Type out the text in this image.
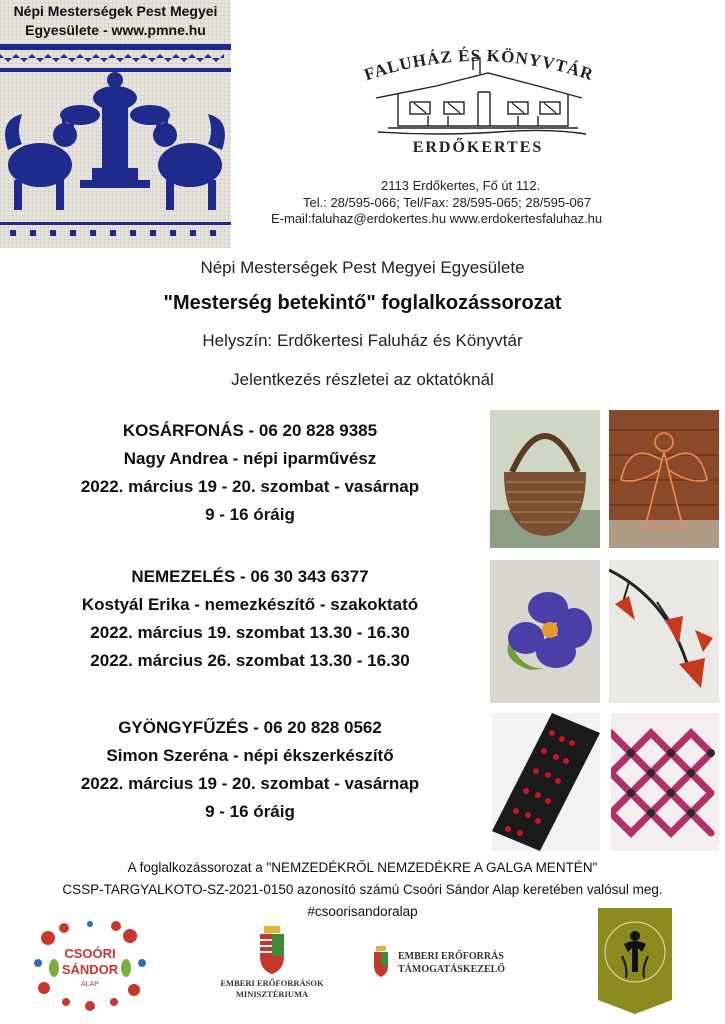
Népi Mesterségek Pest Megyei
Egyesülete - www.pmne.hu
FALUHÁZ ÉS KÖNYVTÁR
ERDŐKERTES
2113 Erdőkertes, Fő út 112.
Tel.: 28/595-066; Tel/Fax: 28/595-065; 28/595-067
E-mail:faluhaz@erdokertes.hu www.erdokertesfaluhaz.hu
Népi Mesterségek Pest Megyei Egyesülete
"Mesterség betekintő" foglalkozássorozat
Helyszín: Erdőkertesi Faluház és Könyvtár
Jelentkezés részletei az oktatóknál
KOSÁRFONÁS - 06 20 828 9385
Nagy Andrea - népi iparművész
2022. március 19 - 20. szombat - vasárnap
9 - 16 óráig
NEMEZELÉS - 06 30 343 6377
Kostyál Erika - nemezkészítő - szakoktató
2022. március 19. szombat 13.30 - 16.30
2022. március 26. szombat 13.30 - 16.30
GYÖNGYFŰZÉS - 06 20 828 0562
Simon Szeréna - népi ékszerkészítő
2022. március 19 - 20. szombat - vasárnap
9 - 16 óráig
A foglalkozássorozat a "NEMZEDÉKRŐL NEMZEDÉKRE A GALGA MENTÉN"
CSSP-TARGYALKOTO-SZ-2021-0150 azonosító számú Csoóri Sándor Alap keretében valósul meg.
#csoorisandoralap
CSOÓRI
SÁNDOR
ALAP	EMBERI ERŐFORRÁSOK
MINISZTÉRIUMA
EMBERI ERŐFORRÁS
TÁMOGATÁSKEZELŐ
